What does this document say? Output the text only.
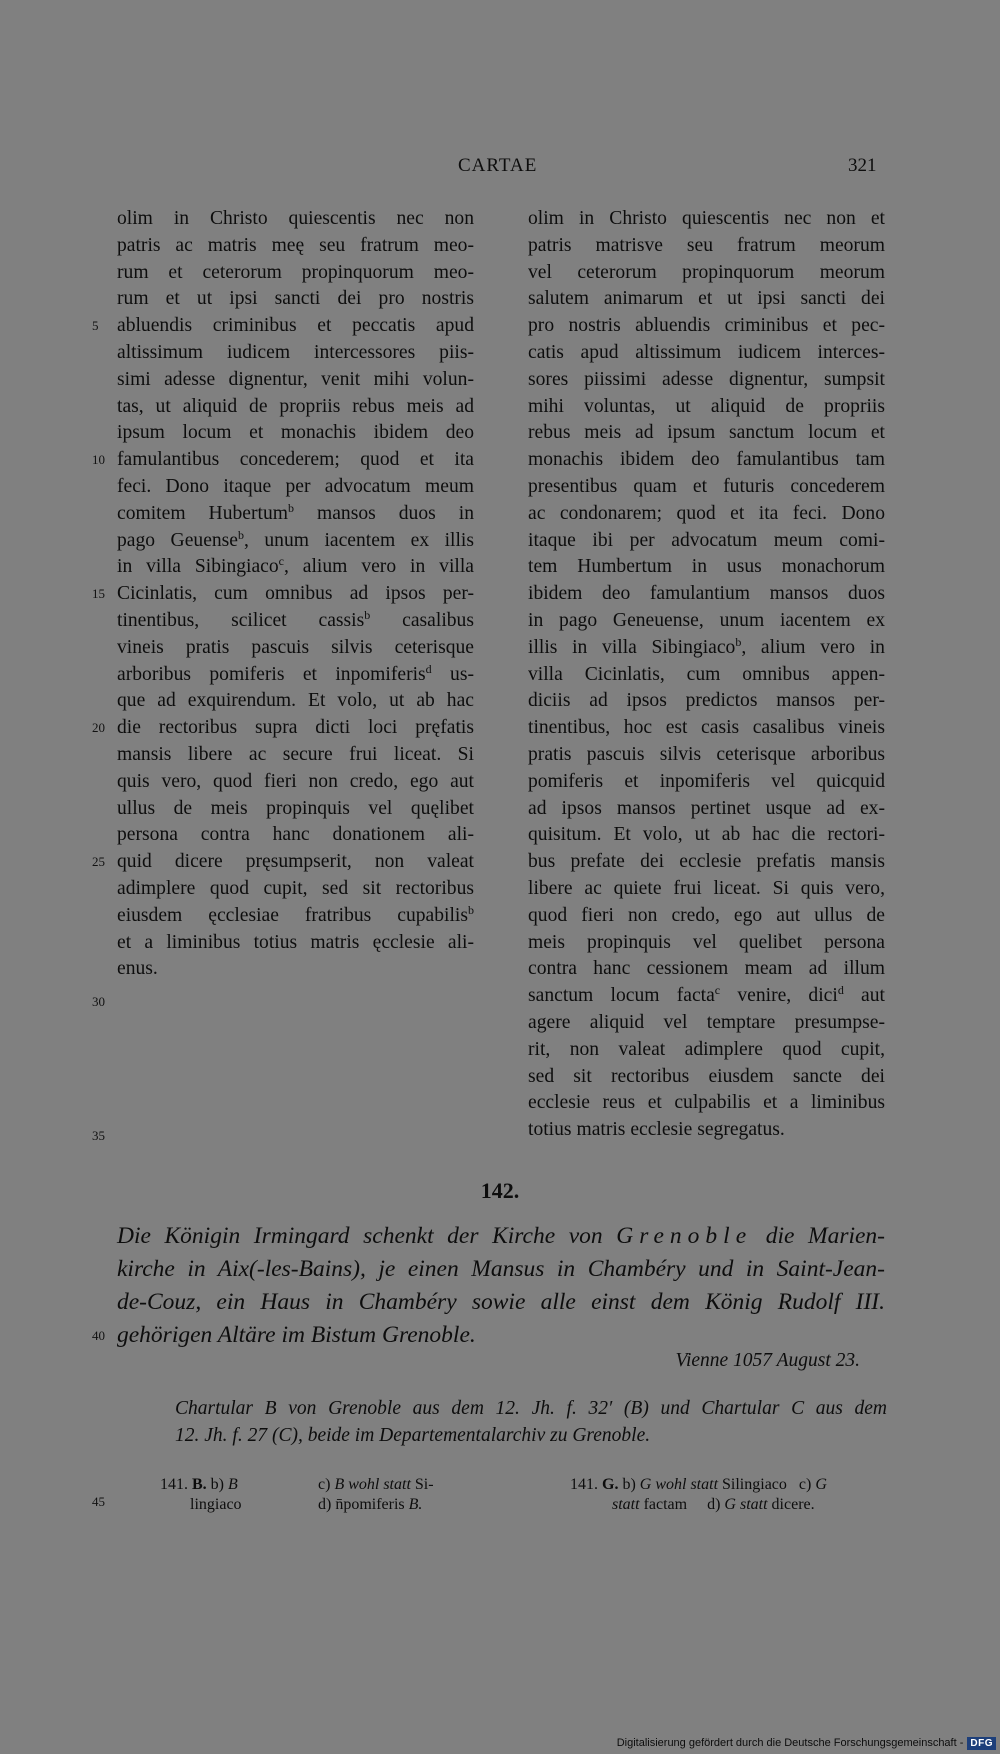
CARTAE	321
olim in Christo quiescentis nec non
patris ac matris meę seu fratrum meo-
rum et ceterorum propinquorum meo-
rum et ut ipsi sancti dei pro nostris
abluendis criminibus et peccatis apud
altissimum iudicem intercessores piis-
simi adesse dignentur, venit mihi volun-
tas, ut aliquid de propriis rebus meis ad
ipsum locum et monachis ibidem deo
famulantibus concederem; quod et ita
feci. Dono itaque per advocatum meum
comitem Hubertum$^b$ mansos duos in
pago Geuense$^b$, unum iacentem ex illis
in villa Sibingiaco$^c$, alium vero in villa
Cicinlatis, cum omnibus ad ipsos per-
tinentibus, scilicet cassis$^b$ casalibus
vineis pratis pascuis silvis ceterisque
arboribus pomiferis et inpomiferis$^d$ us-
que ad exquirendum. Et volo, ut ab hac
die rectoribus supra dicti loci pręfatis
mansis libere ac secure frui liceat. Si
quis vero, quod fieri non credo, ego aut
ullus de meis propinquis vel quęlibet
persona contra hanc donationem ali-
quid dicere pręsumpserit, non valeat
adimplere quod cupit, sed sit rectoribus
eiusdem ęcclesiae fratribus cupabilis$^b$
et a liminibus totius matris ęcclesie ali-
enus.
olim in Christo quiescentis nec non et
patris matrisve seu fratrum meorum
vel ceterorum propinquorum meorum
salutem animarum et ut ipsi sancti dei
pro nostris abluendis criminibus et pec-
catis apud altissimum iudicem interces-
sores piissimi adesse dignentur, sumpsit
mihi voluntas, ut aliquid de propriis
rebus meis ad ipsum sanctum locum et
monachis ibidem deo famulantibus tam
presentibus quam et futuris concederem
ac condonarem; quod et ita feci. Dono
itaque ibi per advocatum meum comi-
tem Humbertum in usus monachorum
ibidem deo famulantium mansos duos
in pago Geneuense, unum iacentem ex
illis in villa Sibingiaco$^b$, alium vero in
villa Cicinlatis, cum omnibus appen-
diciis ad ipsos predictos mansos per-
tinentibus, hoc est casis casalibus vineis
pratis pascuis silvis ceterisque arboribus
pomiferis et inpomiferis vel quicquid
ad ipsos mansos pertinet usque ad ex-
quisitum. Et volo, ut ab hac die rectori-
bus prefate dei ecclesie prefatis mansis
libere ac quiete frui liceat. Si quis vero,
quod fieri non credo, ego aut ullus de
meis propinquis vel quelibet persona
contra hanc cessionem meam ad illum
sanctum locum facta$^c$ venire, dici$^d$ aut
agere aliquid vel temptare presumpse-
rit, non valeat adimplere quod cupit,
sed sit rectoribus eiusdem sancte dei
ecclesie reus et culpabilis et a liminibus
totius matris ecclesie segregatus.
5
10
15
20
25
30
35
40
45
142.

Die Königin Irmingard schenkt der Kirche von Grenoble die Marien-

kirche in Aix(-les-Bains), je einen Mansus in Chambéry und in Saint-Jean-

de-Couz, ein Haus in Chambéry sowie alle einst dem König Rudolf III.

gehörigen Altäre im Bistum Grenoble.

Vienne 1057 August 23.

Chartular B von Grenoble aus dem 12. Jh. f. 32′ (B) und Chartular C aus dem

12. Jh. f. 27 (C), beide im Departementalarchiv zu Grenoble.

141. B. b) B

lingiaco

c) B wohl statt Si-

d) n̄pomiferis B.

141. G. b) G wohl statt Silingiaco c) G

statt factam d) G statt dicere.

Digitalisierung gefördert durch die Deutsche Forschungsgemeinschaft - DFG
